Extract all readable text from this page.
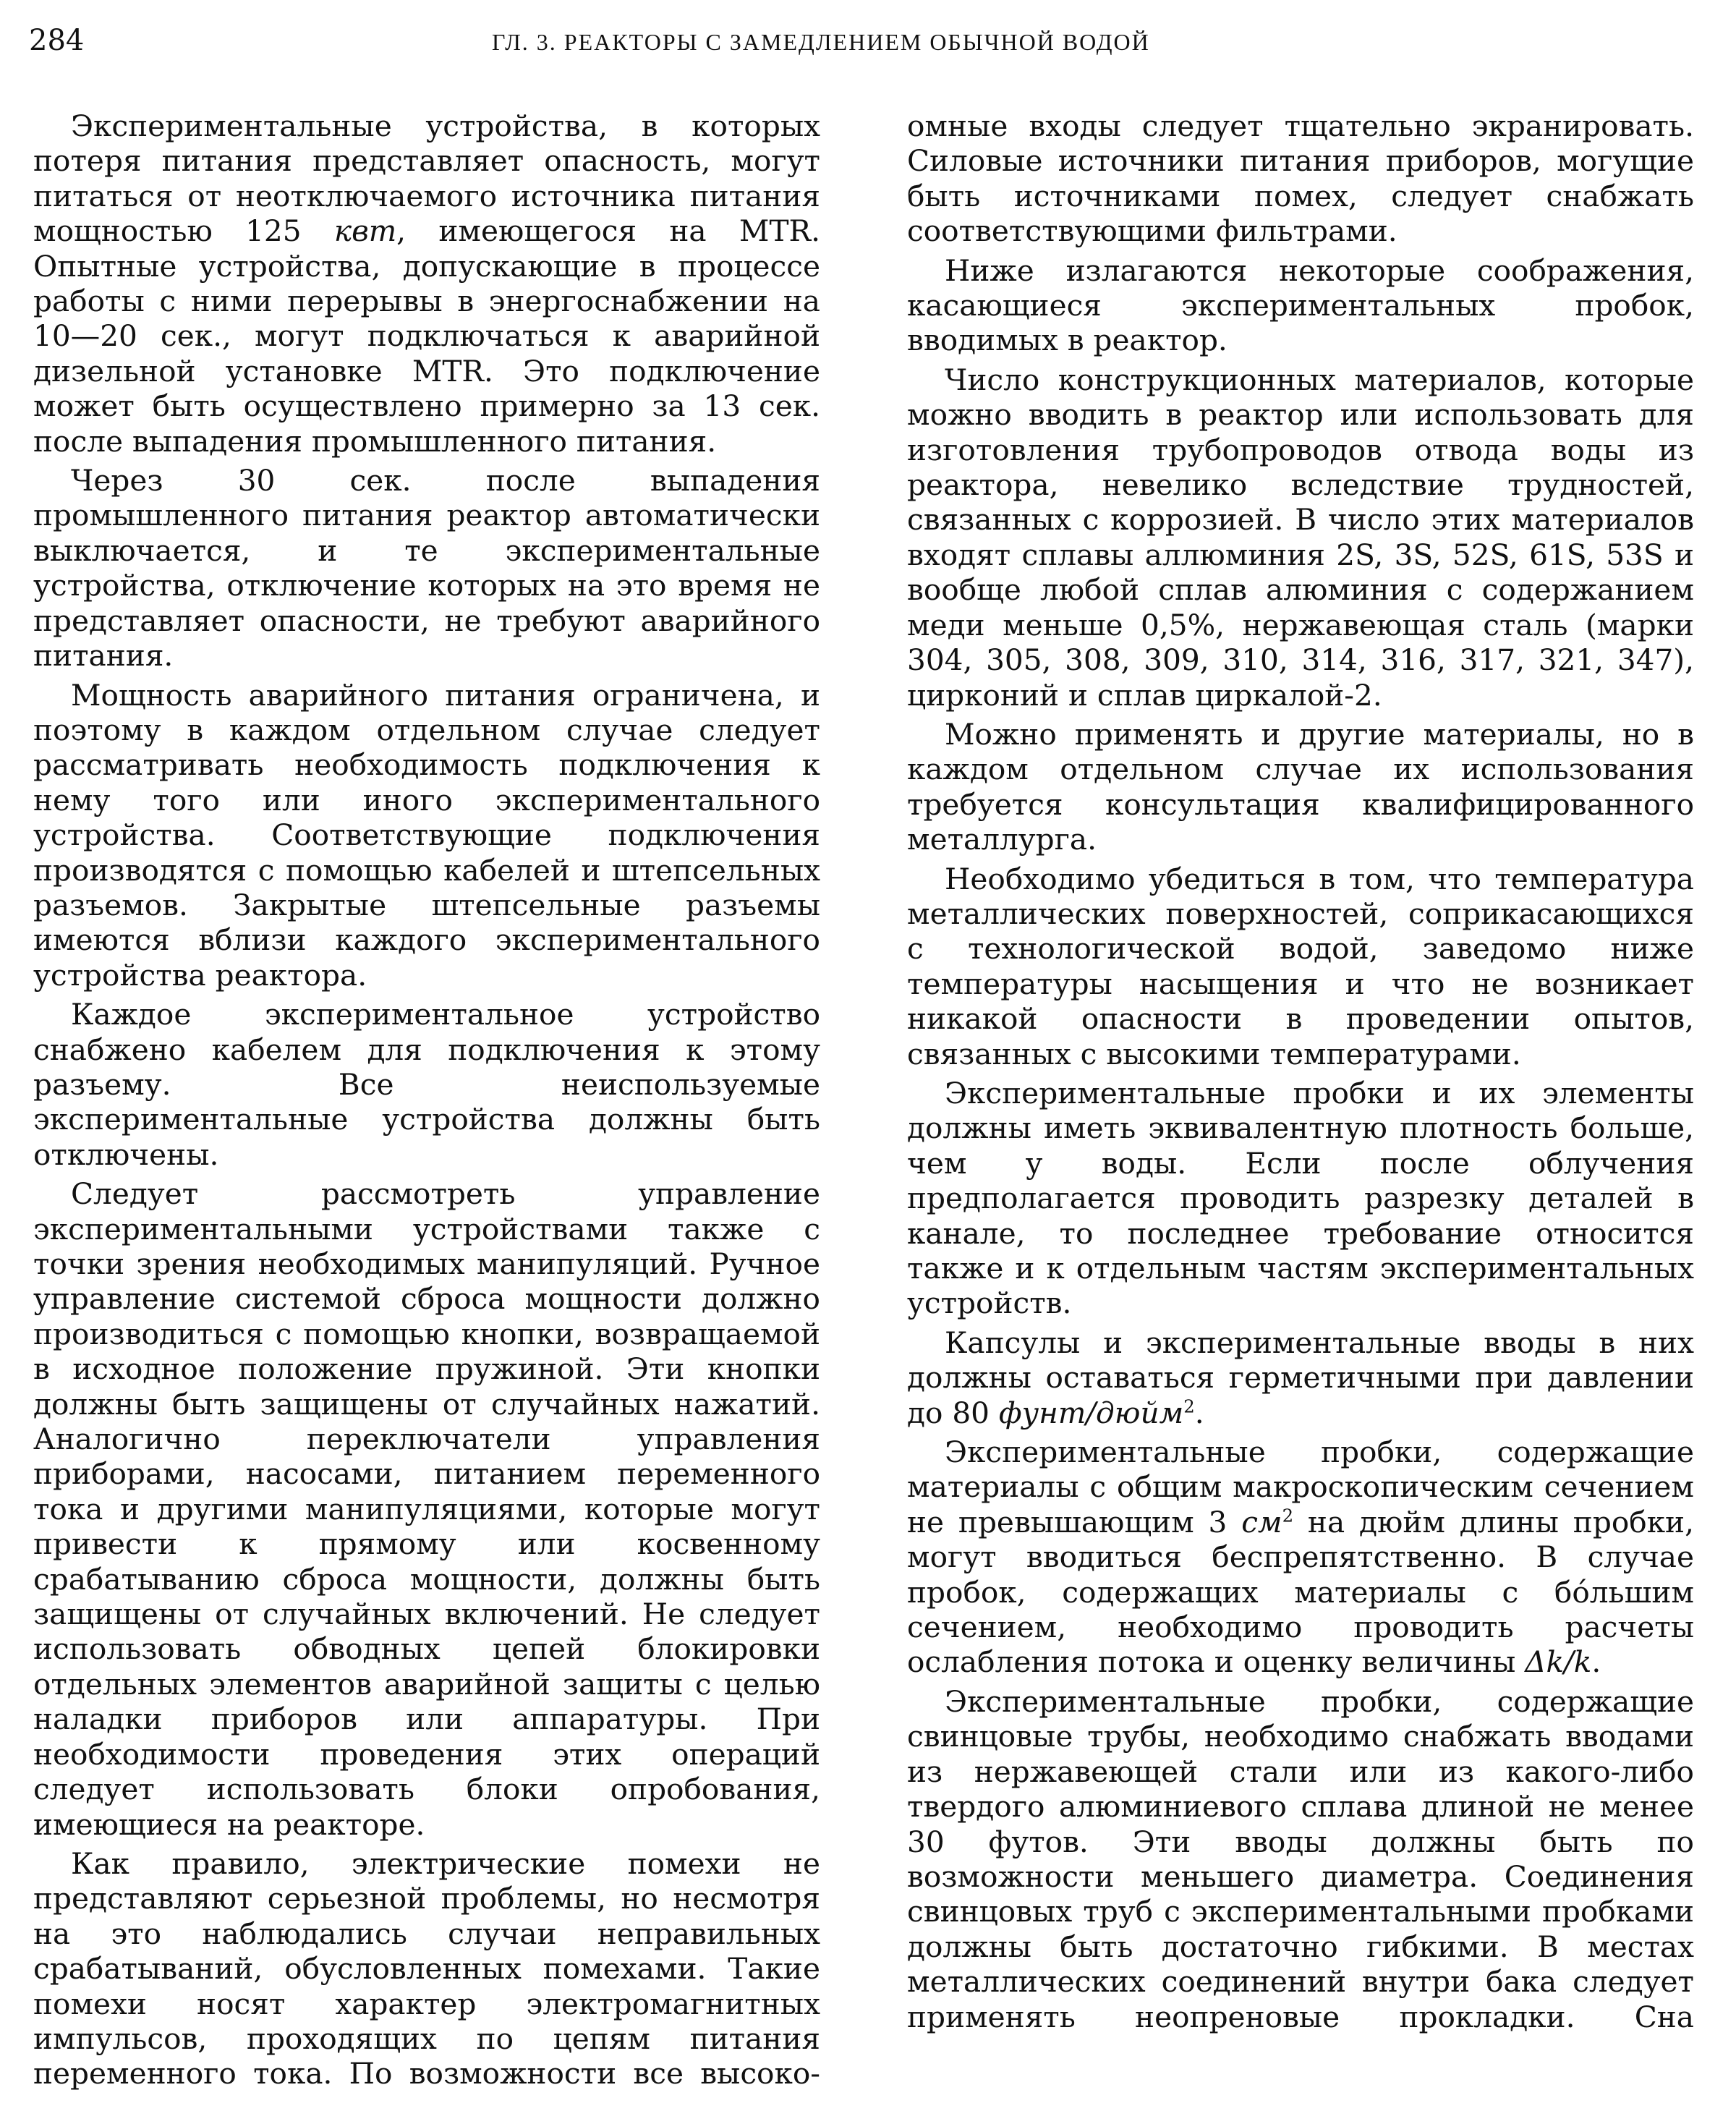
284	ГЛ. 3. РЕАКТОРЫ С ЗАМЕДЛЕНИЕМ ОБЫЧНОЙ ВОДОЙ

Экспериментальные устройства, в которых потеря питания представляет опасность, могут питаться от неотключаемого источника питания мощностью 125 квт, имеющегося на MTR. Опытные устройства, допускающие в процессе работы с ними перерывы в энергоснабжении на 10—20 сек., могут подключаться к аварийной дизельной установке MTR. Это подключение может быть осуществлено примерно за 13 сек. после выпадения промышленного питания.

Через 30 сек. после выпадения промышленного питания реактор автоматически выключается, и те экспериментальные устройства, отключение которых на это время не представляет опасности, не требуют аварийного питания.

Мощность аварийного питания ограничена, и поэтому в каждом отдельном случае следует рассматривать необходимость подключения к нему того или иного экспериментального устройства. Соответствующие подключения производятся с помощью кабелей и штепсельных разъемов. Закрытые штепсельные разъемы имеются вблизи каждого экспериментального устройства реактора.

Каждое экспериментальное устройство снабжено кабелем для подключения к этому разъему. Все неиспользуемые экспериментальные устройства должны быть отключены.

Следует рассмотреть управление экспериментальными устройствами также с точки зрения необходимых манипуляций. Ручное управление системой сброса мощности должно производиться с помощью кнопки, возвращаемой в исходное положение пружиной. Эти кнопки должны быть защищены от случайных нажатий. Аналогично переключатели управления приборами, насосами, питанием переменного тока и другими манипуляциями, которые могут привести к прямому или косвенному срабатыванию сброса мощности, должны быть защищены от случайных включений. Не следует использовать обводных цепей блокировки отдельных элементов аварийной защиты с целью наладки приборов или аппаратуры. При необходимости проведения этих операций следует использовать блоки опробования, имеющиеся на реакторе.

Как правило, электрические помехи не представляют серьезной проблемы, но несмотря на это наблюдались случаи неправильных срабатываний, обусловленных помехами. Такие помехи носят характер электромагнитных импульсов, проходящих по цепям питания переменного тока. По возможности все высоко-

омные входы следует тщательно экранировать. Силовые источники питания приборов, могущие быть источниками помех, следует снабжать соответствующими фильтрами.

Ниже излагаются некоторые соображения, касающиеся экспериментальных пробок, вводимых в реактор.

Число конструкционных материалов, которые можно вводить в реактор или использовать для изготовления трубопроводов отвода воды из реактора, невелико вследствие трудностей, связанных с коррозией. В число этих материалов входят сплавы аллюминия 2S, 3S, 52S, 61S, 53S и вообще любой сплав алюминия с содержанием меди меньше 0,5%, нержавеющая сталь (марки 304, 305, 308, 309, 310, 314, 316, 317, 321, 347), цирконий и сплав циркалой-2.

Можно применять и другие материалы, но в каждом отдельном случае их использования требуется консультация квалифицированного металлурга.

Необходимо убедиться в том, что температура металлических поверхностей, соприкасающихся с технологической водой, заведомо ниже температуры насыщения и что не возникает никакой опасности в проведении опытов, связанных с высокими температурами.

Экспериментальные пробки и их элементы должны иметь эквивалентную плотность больше, чем у воды. Если после облучения предполагается проводить разрезку деталей в канале, то последнее требование относится также и к отдельным частям экспериментальных устройств.

Капсулы и экспериментальные вводы в них должны оставаться герметичными при давлении до 80 фунт/дюйм$^2$.

Экспериментальные пробки, содержащие материалы с общим макроскопическим сечением не превышающим 3 $см^2$ на дюйм длины пробки, могут вводиться беспрепятственно. В случае пробок, содержащих материалы с бо́льшим сечением, необходимо проводить расчеты ослабления потока и оценку величины Δk/k.

Экспериментальные пробки, содержащие свинцовые трубы, необходимо снабжать вводами из нержавеющей стали или из какого-либо твердого алюминиевого сплава длиной не менее 30 футов. Эти вводы должны быть по возможности меньшего диаметра. Соединения свинцовых труб с экспериментальными пробками должны быть достаточно гибкими. В местах металлических соединений внутри бака следует применять неопреновые прокладки. Сна
